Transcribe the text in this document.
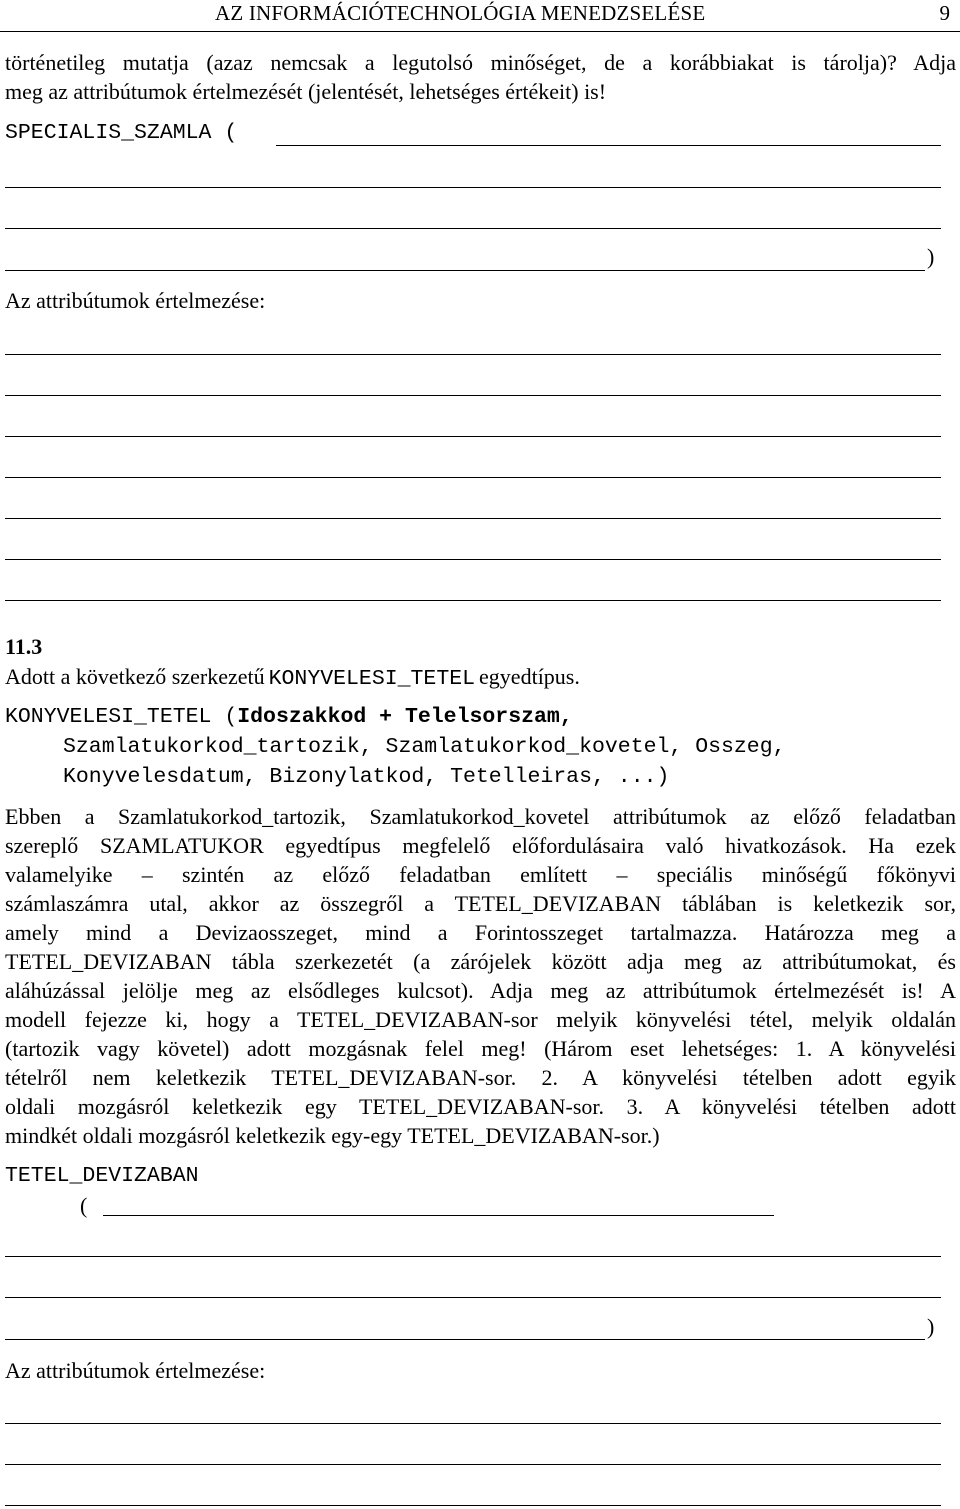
AZ INFORMÁCIÓTECHNOLÓGIA MENEDZSELÉSE	9
történetileg mutatja (azaz nemcsak a legutolsó minőséget, de a korábbiakat is tárolja)? Adja
meg az attribútumok értelmezését (jelentését, lehetséges értékeit) is!
SPECIALIS_SZAMLA (
)
Az attribútumok értelmezése:
11.3
Adott a következő szerkezetű KONYVELESI_TETEL egyedtípus.
KONYVELESI_TETEL (Idoszakkod + Telelsorszam,
Szamlatukorkod_tartozik, Szamlatukorkod_kovetel, Osszeg,
Konyvelesdatum, Bizonylatkod, Tetelleiras, ...)
Ebben a Szamlatukorkod_tartozik, Szamlatukorkod_kovetel attribútumok az előző feladatban
szereplő SZAMLATUKOR egyedtípus megfelelő előfordulásaira való hivatkozások. Ha ezek
valamelyike – szintén az előző feladatban említett – speciális minőségű főkönyvi
számlaszámra utal, akkor az összegről a TETEL_DEVIZABAN táblában is keletkezik sor,
amely mind a Devizaosszeget, mind a Forintosszeget tartalmazza. Határozza meg a
TETEL_DEVIZABAN tábla szerkezetét (a zárójelek között adja meg az attribútumokat, és
aláhúzással jelölje meg az elsődleges kulcsot). Adja meg az attribútumok értelmezését is! A
modell fejezze ki, hogy a TETEL_DEVIZABAN-sor melyik könyvelési tétel, melyik oldalán
(tartozik vagy követel) adott mozgásnak felel meg! (Három eset lehetséges: 1. A könyvelési
tételről nem keletkezik TETEL_DEVIZABAN-sor. 2. A könyvelési tételben adott egyik
oldali mozgásról keletkezik egy TETEL_DEVIZABAN-sor. 3. A könyvelési tételben adott
mindkét oldali mozgásról keletkezik egy-egy TETEL_DEVIZABAN-sor.)
TETEL_DEVIZABAN
(
)
Az attribútumok értelmezése:
